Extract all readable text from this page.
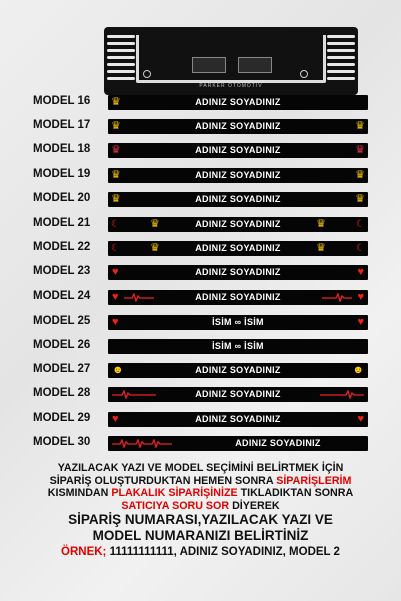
PARKER OTOMOTIV
MODEL 16 ♛	ADINIZ SOYADINIZ
MODEL 17 ♛	ADINIZ SOYADINIZ	♛
MODEL 18 ♛	ADINIZ SOYADINIZ	♛
MODEL 19 ♛	ADINIZ SOYADINIZ	♛
MODEL 20 ♛	ADINIZ SOYADINIZ	♛
MODEL 21 ☾	♛	ADINIZ SOYADINIZ	♛	☾
MODEL 22 ☾	♛	ADINIZ SOYADINIZ	♛	☾
MODEL 23 ♥	ADINIZ SOYADINIZ	♥
MODEL 24 ♥	ADINIZ SOYADINIZ	♥
MODEL 25 ♥	İSİM ∞ İSİM	♥
MODEL 26	İSİM ∞ İSİM
MODEL 27 ☻	ADINIZ SOYADINIZ	☻
MODEL 28	ADINIZ SOYADINIZ
MODEL 29 ♥	ADINIZ SOYADINIZ	♥
MODEL 30	ADINIZ SOYADINIZ
YAZILACAK YAZI VE MODEL SEÇİMİNİ BELİRTMEK İÇİN
SİPARİŞ OLUŞTURDUKTAN HEMEN SONRA SİPARİŞLERİM
KISMINDAN PLAKALIK SİPARİŞİNİZE TIKLADIKTAN SONRA
SATICIYA SORU SOR DİYEREK
SİPARİŞ NUMARASI,YAZILACAK YAZI VE
MODEL NUMARANIZI BELİRTİNİZ
ÖRNEK; 11111111111, ADINIZ SOYADINIZ, MODEL 2
